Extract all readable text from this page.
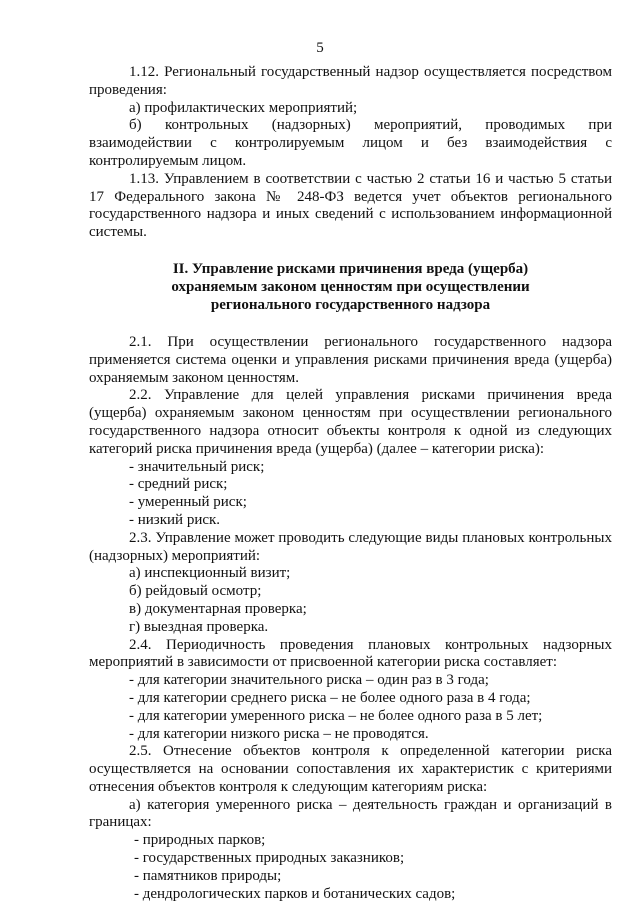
5

1.12. Региональный государственный надзор осуществляется посредством проведения:

а) профилактических мероприятий;

б) контрольных (надзорных) мероприятий, проводимых при взаимодействии с контролируемым лицом и без взаимодействия с контролируемым лицом.

1.13. Управлением в соответствии с частью 2 статьи 16 и частью 5 статьи 17 Федерального закона № 248-ФЗ ведется учет объектов регионального государственного надзора и иных сведений с использованием информационной системы.

II. Управление рисками причинения вреда (ущерба)
охраняемым законом ценностям при осуществлении
регионального государственного надзора

2.1. При осуществлении регионального государственного надзора применяется система оценки и управления рисками причинения вреда (ущерба) охраняемым законом ценностям.

2.2. Управление для целей управления рисками причинения вреда (ущерба) охраняемым законом ценностям при осуществлении регионального государственного надзора относит объекты контроля к одной из следующих категорий риска причинения вреда (ущерба) (далее – категории риска):

- значительный риск;

- средний риск;

- умеренный риск;

- низкий риск.

2.3. Управление может проводить следующие виды плановых контрольных (надзорных) мероприятий:

а) инспекционный визит;

б) рейдовый осмотр;

в) документарная проверка;

г) выездная проверка.

2.4. Периодичность проведения плановых контрольных надзорных мероприятий в зависимости от присвоенной категории риска составляет:

- для категории значительного риска – один раз в 3 года;

- для категории среднего риска – не более одного раза в 4 года;

- для категории умеренного риска – не более одного раза в 5 лет;

- для категории низкого риска – не проводятся.

2.5. Отнесение объектов контроля к определенной категории риска осуществляется на основании сопоставления их характеристик с критериями отнесения объектов контроля к следующим категориям риска:

а) категория умеренного риска – деятельность граждан и организаций в границах:

- природных парков;

- государственных природных заказников;

- памятников природы;

- дендрологических парков и ботанических садов;
